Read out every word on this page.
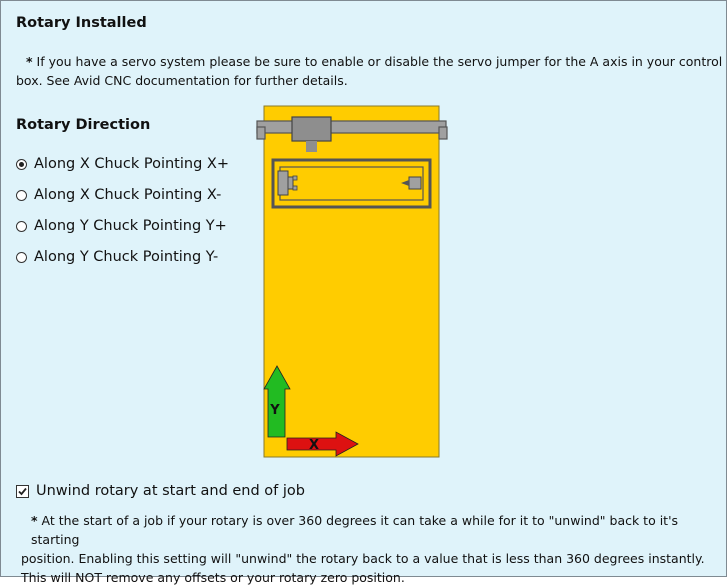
Rotary Installed
* If you have a servo system please be sure to enable or disable the servo jumper for the A axis in your control
box. See Avid CNC documentation for further details.
Rotary Direction
Along X Chuck Pointing X+
Along X Chuck Pointing X-
Along Y Chuck Pointing Y+
Along Y Chuck Pointing Y-
Y
X
Unwind rotary at start and end of job
* At the start of a job if your rotary is over 360 degrees it can take a while for it to "unwind" back to it's starting
position. Enabling this setting will "unwind" the rotary back to a value that is less than 360 degrees instantly.
This will NOT remove any offsets or your rotary zero position.
